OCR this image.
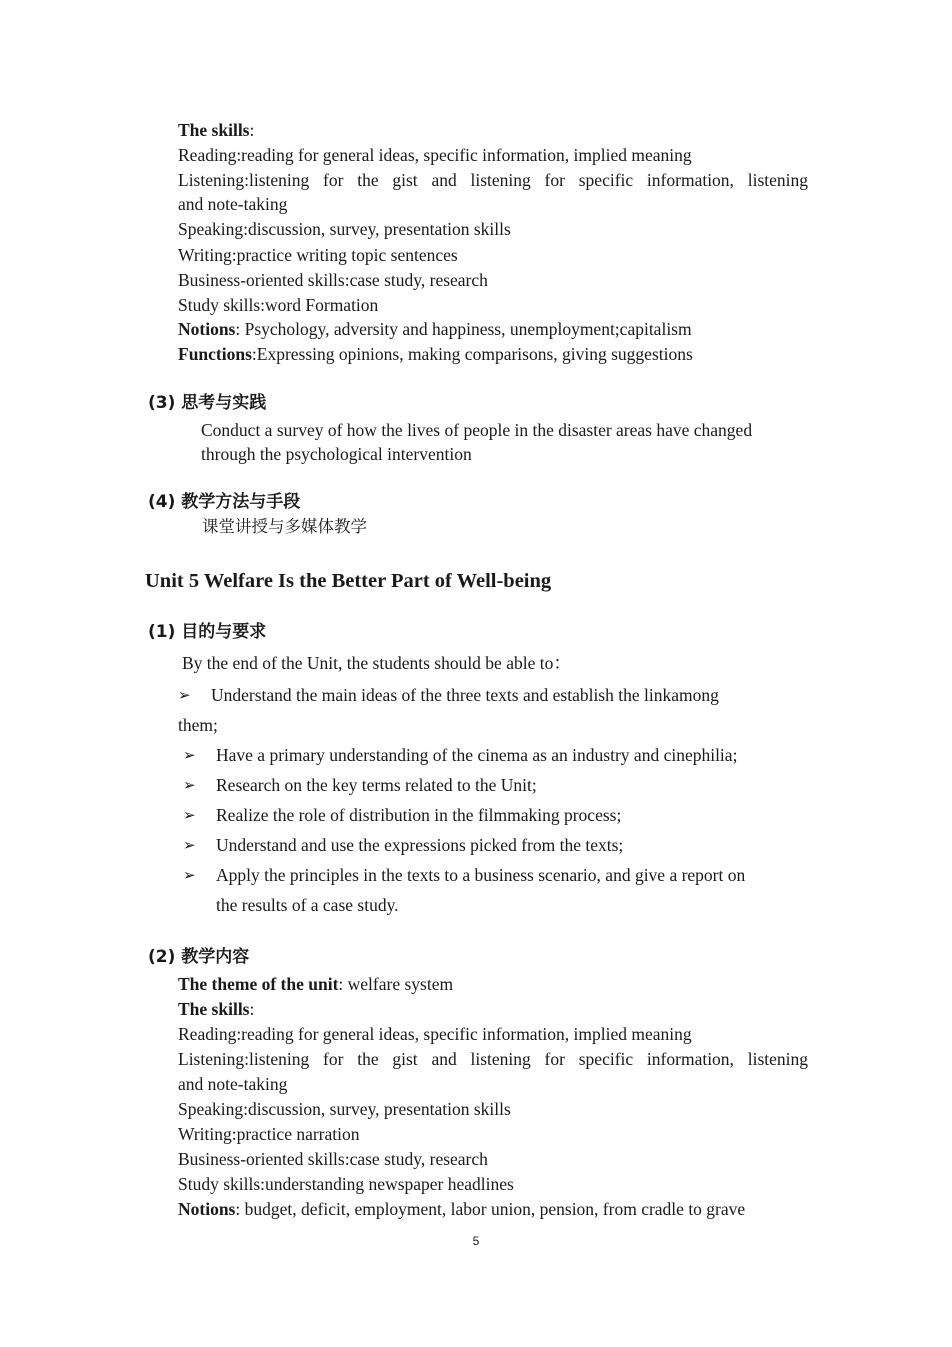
The skills:
Reading:reading for general ideas, specific information, implied meaning
Listening:listening for the gist and listening for specific information, listening
and note-taking
Speaking:discussion, survey, presentation skills
Writing:practice writing topic sentences
Business-oriented skills:case study, research
Study skills:word Formation
Notions: Psychology, adversity and happiness, unemployment;capitalism
Functions:Expressing opinions, making comparisons, giving suggestions
(3) 思考与实践
Conduct a survey of how the lives of people in the disaster areas have changed
through the psychological intervention
(4) 教学方法与手段
课堂讲授与多媒体教学
Unit 5 Welfare Is the Better Part of Well-being
(1) 目的与要求
By the end of the Unit, the students should be able to：
➢ Understand the main ideas of the three texts and establish the linkamong
them;
➢ Have a primary understanding of the cinema as an industry and cinephilia;
➢ Research on the key terms related to the Unit;
➢ Realize the role of distribution in the filmmaking process;
➢ Understand and use the expressions picked from the texts;
➢ Apply the principles in the texts to a business scenario, and give a report on
the results of a case study.
(2) 教学内容
The theme of the unit: welfare system
The skills:
Reading:reading for general ideas, specific information, implied meaning
Listening:listening for the gist and listening for specific information, listening
and note-taking
Speaking:discussion, survey, presentation skills
Writing:practice narration
Business-oriented skills:case study, research
Study skills:understanding newspaper headlines
Notions: budget, deficit, employment, labor union, pension, from cradle to grave
5
